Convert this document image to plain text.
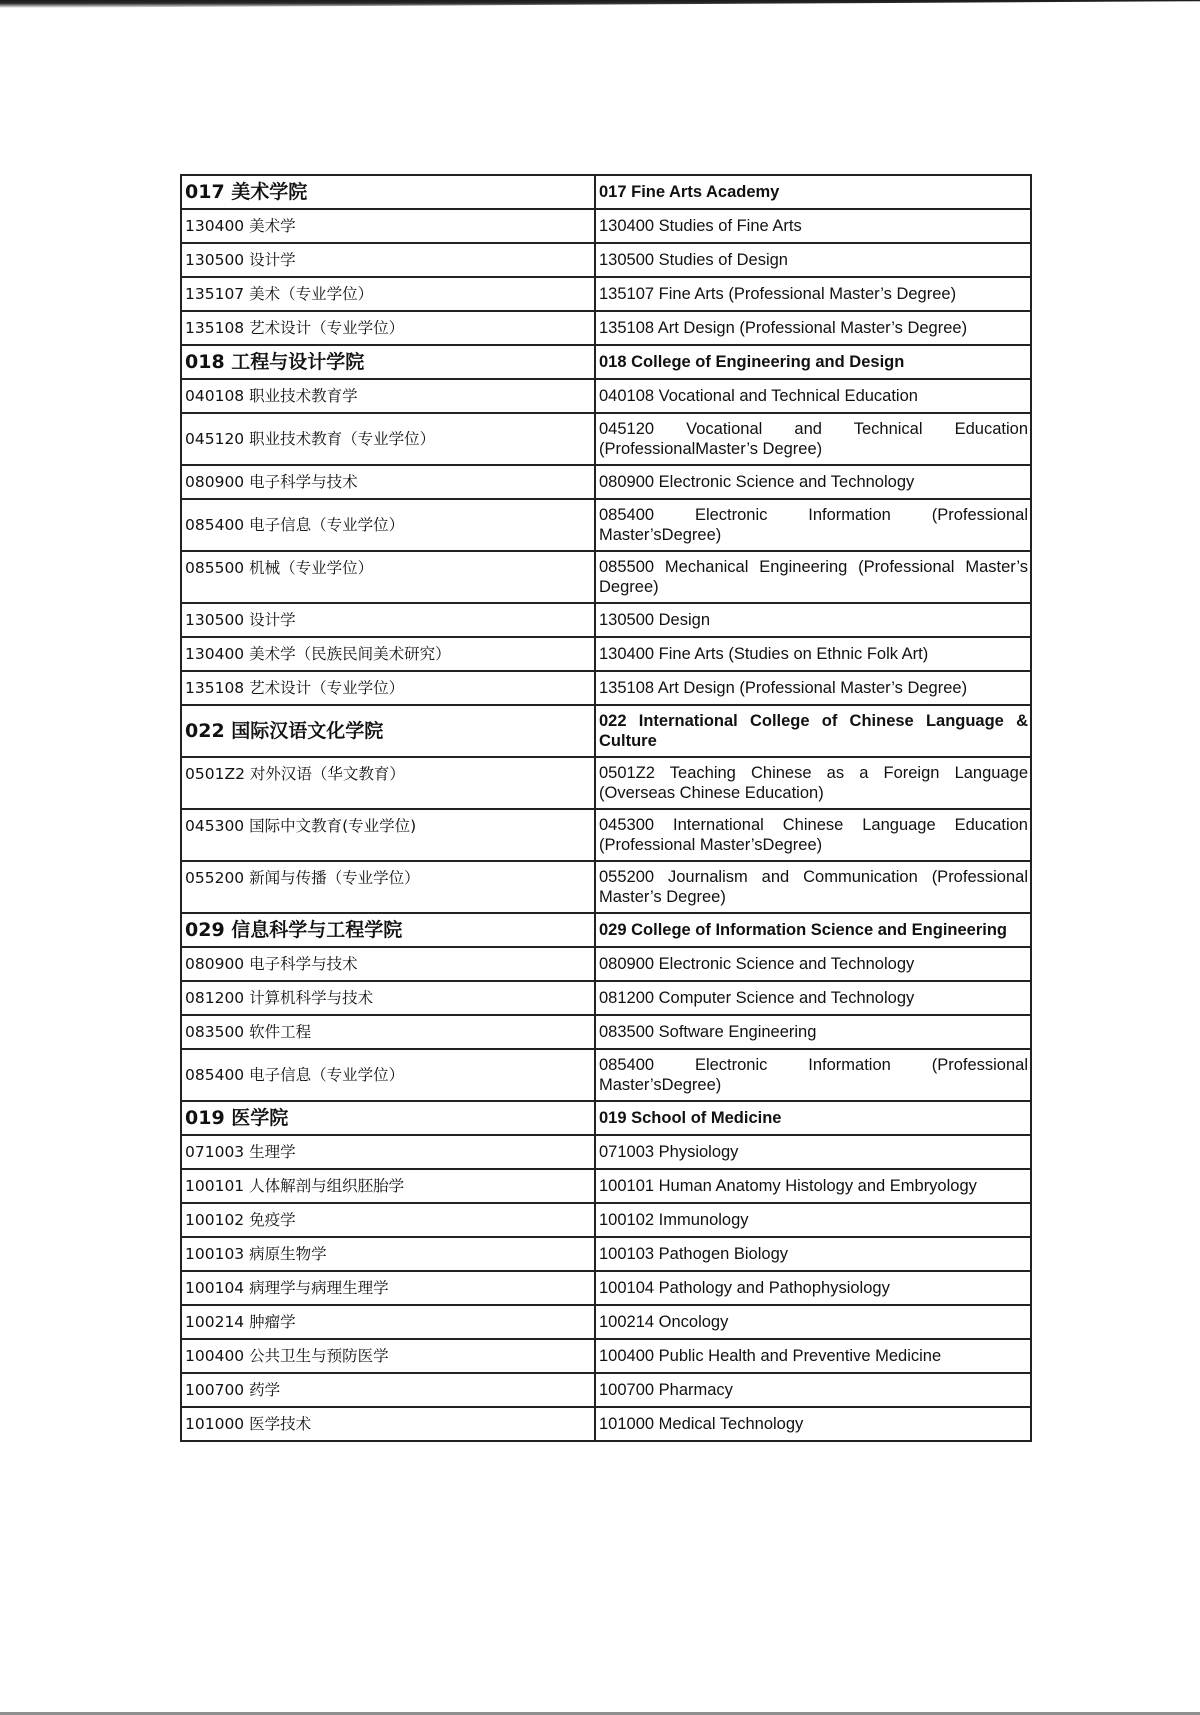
017 美术学院	017 Fine Arts Academy
130400 美术学	130400 Studies of Fine Arts
130500 设计学	130500 Studies of Design
135107 美术（专业学位）	135107 Fine Arts (Professional Master’s Degree)
135108 艺术设计（专业学位）	135108 Art Design (Professional Master’s Degree)
018 工程与设计学院	018 College of Engineering and Design
040108 职业技术教育学	040108 Vocational and Technical Education
045120 职业技术教育（专业学位）	045120 Vocational and Technical Education (ProfessionalMaster’s Degree)
080900 电子科学与技术	080900 Electronic Science and Technology
085400 电子信息（专业学位）	085400 Electronic Information (Professional Master’sDegree)
085500 机械（专业学位）	085500 Mechanical Engineering (Professional Master’s Degree)
130500 设计学	130500 Design
130400 美术学（民族民间美术研究）	130400 Fine Arts (Studies on Ethnic Folk Art)
135108 艺术设计（专业学位）	135108 Art Design (Professional Master’s Degree)
022 国际汉语文化学院	022 International College of Chinese Language & Culture
0501Z2 对外汉语（华文教育）	0501Z2 Teaching Chinese as a Foreign Language (Overseas Chinese Education)
045300 国际中文教育(专业学位)	045300 International Chinese Language Education (Professional Master’sDegree)
055200 新闻与传播（专业学位）	055200 Journalism and Communication (Professional Master’s Degree)
029 信息科学与工程学院	029 College of Information Science and Engineering
080900 电子科学与技术	080900 Electronic Science and Technology
081200 计算机科学与技术	081200 Computer Science and Technology
083500 软件工程	083500 Software Engineering
085400 电子信息（专业学位）	085400 Electronic Information (Professional Master’sDegree)
019 医学院	019 School of Medicine
071003 生理学	071003 Physiology
100101 人体解剖与组织胚胎学	100101 Human Anatomy Histology and Embryology
100102 免疫学	100102 Immunology
100103 病原生物学	100103 Pathogen Biology
100104 病理学与病理生理学	100104 Pathology and Pathophysiology
100214 肿瘤学	100214 Oncology
100400 公共卫生与预防医学	100400 Public Health and Preventive Medicine
100700 药学	100700 Pharmacy
101000 医学技术	101000 Medical Technology
